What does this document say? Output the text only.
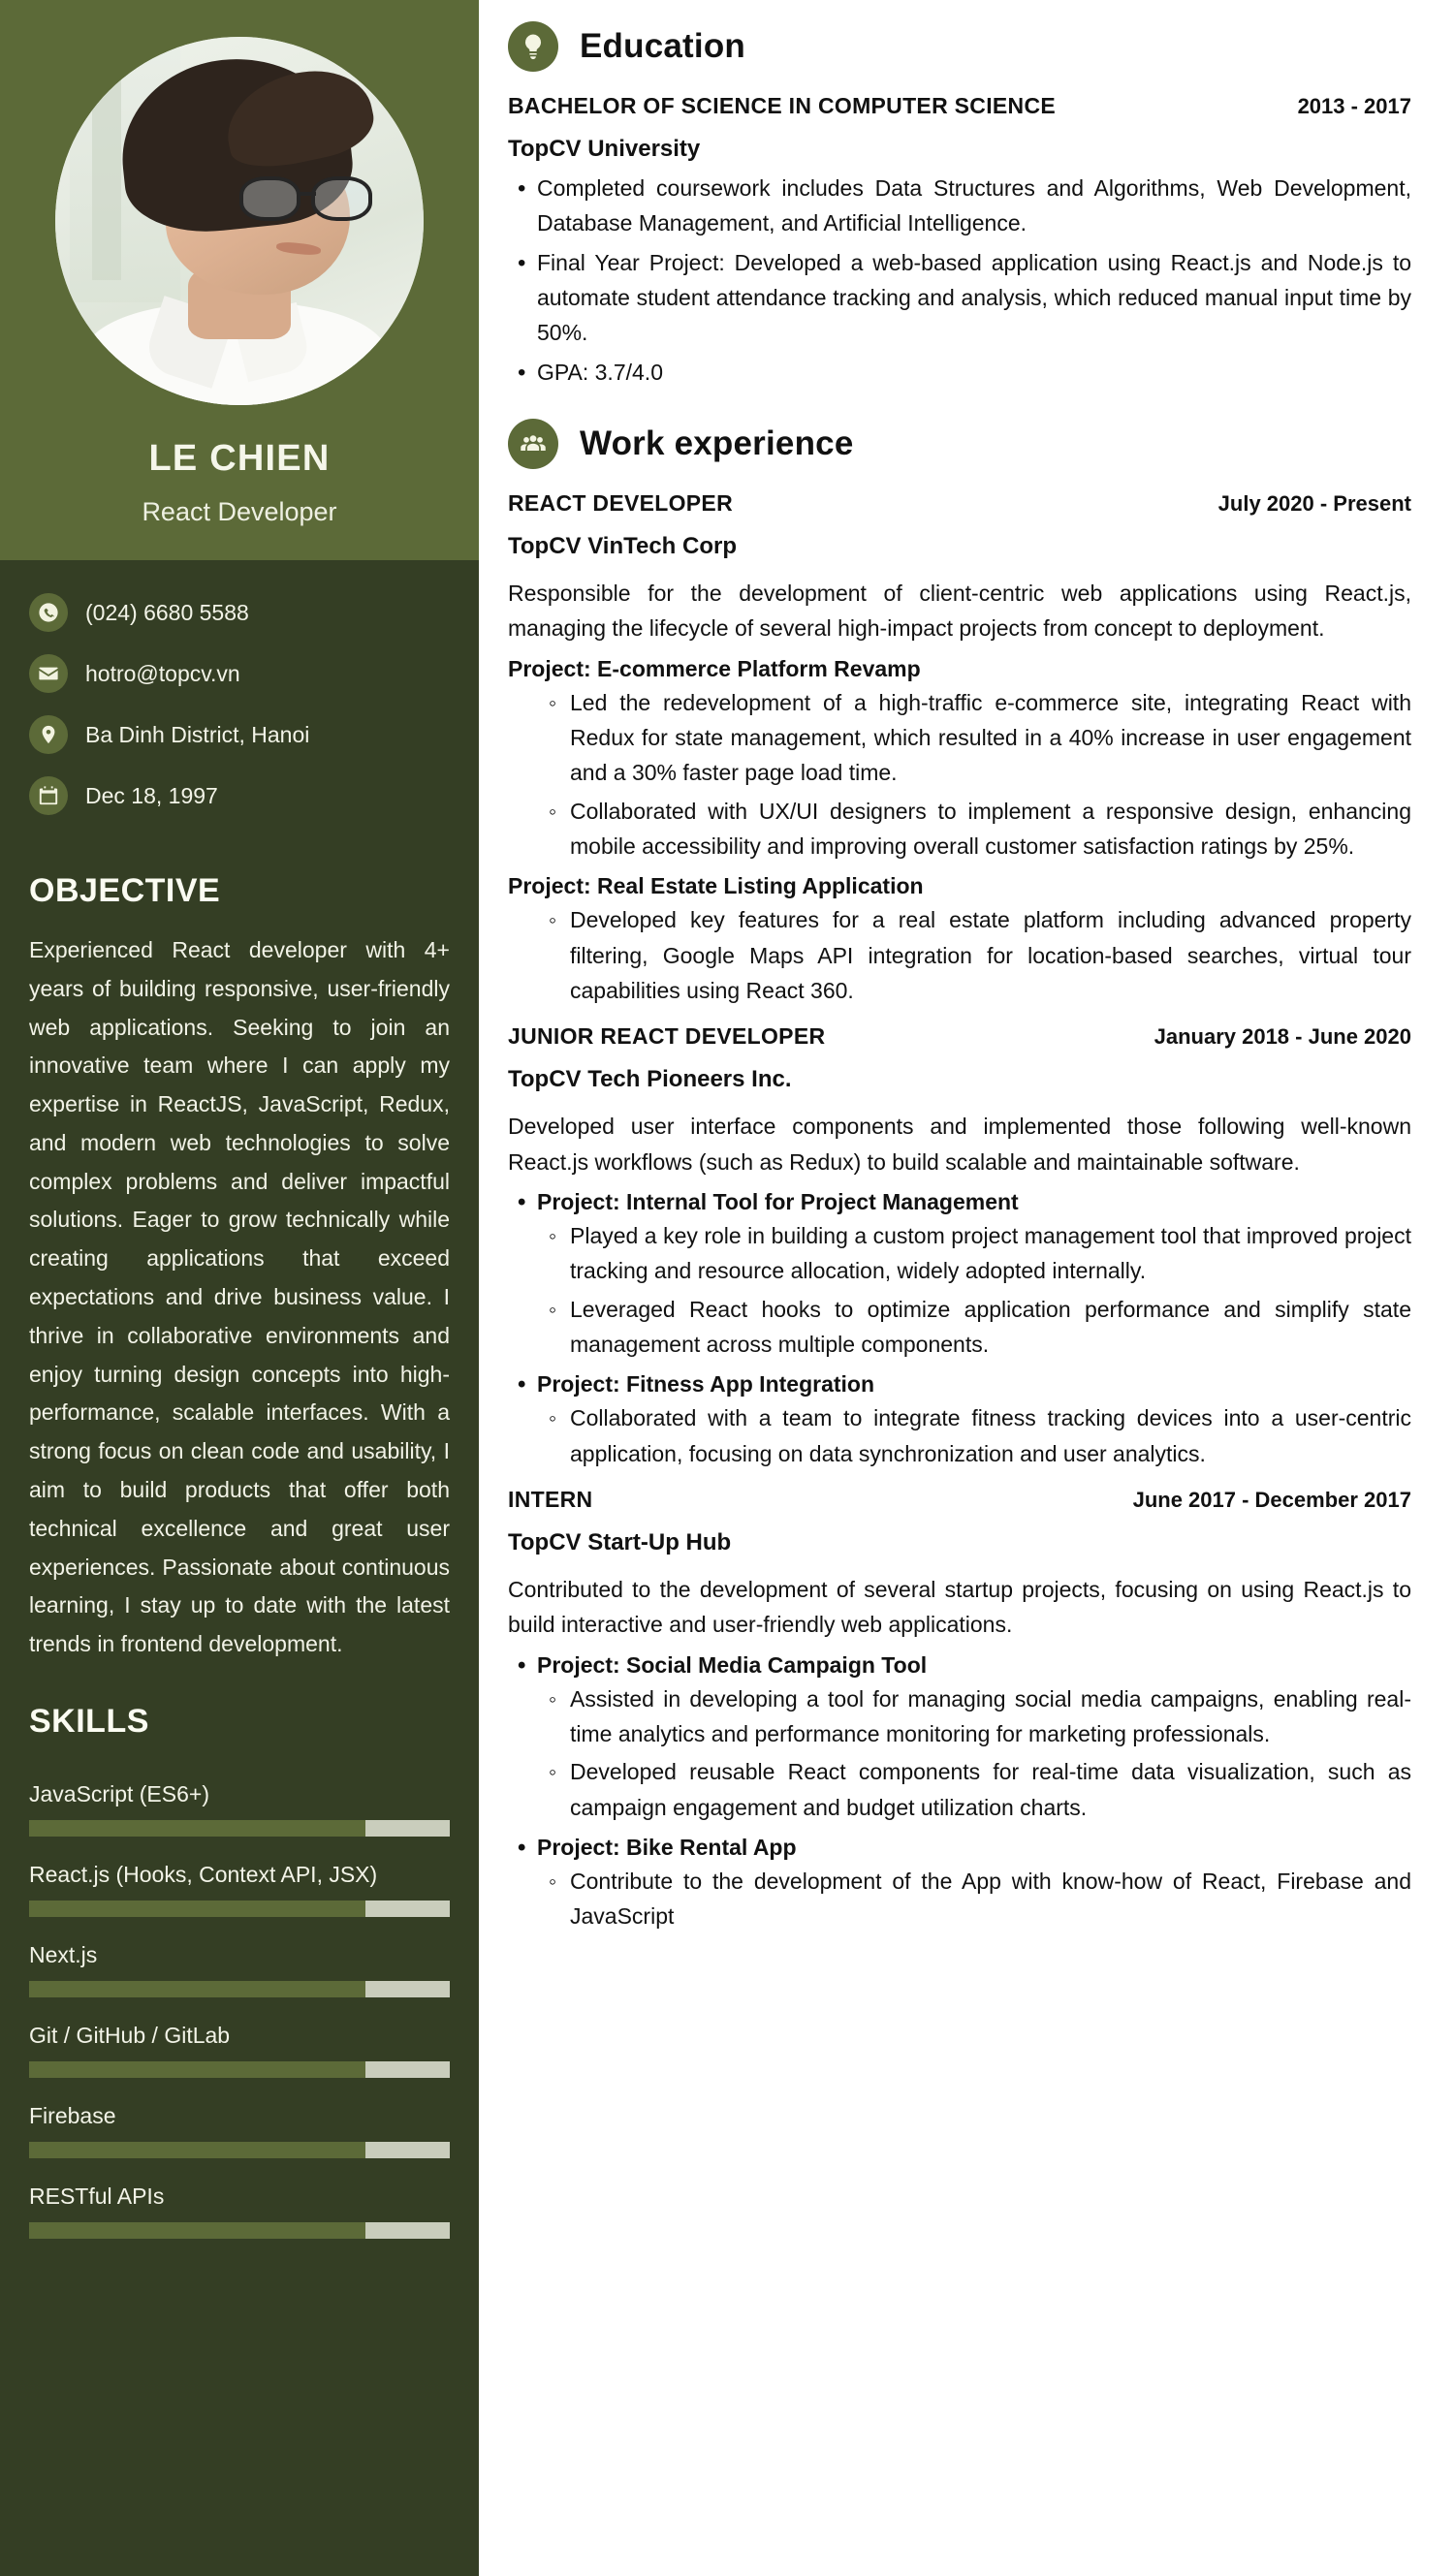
LE CHIEN
React Developer
(024) 6680 5588
hotro@topcv.vn
Ba Dinh District, Hanoi
Dec 18, 1997
OBJECTIVE
Experienced React developer with 4+ years of building responsive, user-friendly web applications. Seeking to join an innovative team where I can apply my expertise in ReactJS, JavaScript, Redux, and modern web technologies to solve complex problems and deliver impactful solutions. Eager to grow technically while creating applications that exceed expectations and drive business value. I thrive in collaborative environments and enjoy turning design concepts into high-performance, scalable interfaces. With a strong focus on clean code and usability, I aim to build products that offer both technical excellence and great user experiences. Passionate about continuous learning, I stay up to date with the latest trends in frontend development.
SKILLS
JavaScript (ES6+)
React.js (Hooks, Context API, JSX)
Next.js
Git / GitHub / GitLab
Firebase
RESTful APIs
Education
BACHELOR OF SCIENCE IN COMPUTER SCIENCE	2013 - 2017
TopCV University
• Completed coursework includes Data Structures and Algorithms, Web Development, Database Management, and Artificial Intelligence.
• Final Year Project: Developed a web-based application using React.js and Node.js to automate student attendance tracking and analysis, which reduced manual input time by 50%.
• GPA: 3.7/4.0
Work experience
REACT DEVELOPER	July 2020 - Present
TopCV VinTech Corp
Responsible for the development of client-centric web applications using React.js, managing the lifecycle of several high-impact projects from concept to deployment.
Project: E-commerce Platform Revamp
◦ Led the redevelopment of a high-traffic e-commerce site, integrating React with Redux for state management, which resulted in a 40% increase in user engagement and a 30% faster page load time.
◦ Collaborated with UX/UI designers to implement a responsive design, enhancing mobile accessibility and improving overall customer satisfaction ratings by 25%.
Project: Real Estate Listing Application
◦ Developed key features for a real estate platform including advanced property filtering, Google Maps API integration for location-based searches, virtual tour capabilities using React 360.
JUNIOR REACT DEVELOPER	January 2018 - June 2020
TopCV Tech Pioneers Inc.
Developed user interface components and implemented those following well-known React.js workflows (such as Redux) to build scalable and maintainable software.
• Project: Internal Tool for Project Management
◦ Played a key role in building a custom project management tool that improved project tracking and resource allocation, widely adopted internally.
◦ Leveraged React hooks to optimize application performance and simplify state management across multiple components.
• Project: Fitness App Integration
◦ Collaborated with a team to integrate fitness tracking devices into a user-centric application, focusing on data synchronization and user analytics.
INTERN	June 2017 - December 2017
TopCV Start-Up Hub
Contributed to the development of several startup projects, focusing on using React.js to build interactive and user-friendly web applications.
• Project: Social Media Campaign Tool
◦ Assisted in developing a tool for managing social media campaigns, enabling real-time analytics and performance monitoring for marketing professionals.
◦ Developed reusable React components for real-time data visualization, such as campaign engagement and budget utilization charts.
• Project: Bike Rental App
◦ Contribute to the development of the App with know-how of React, Firebase and JavaScript
